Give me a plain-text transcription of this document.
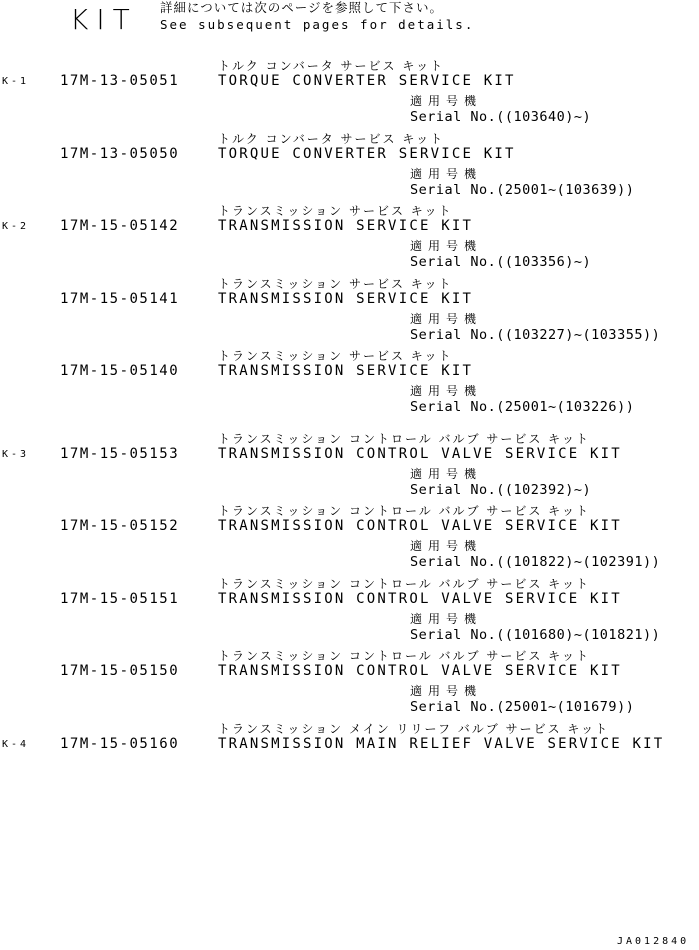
KIT 詳細については次のページを参照して下さい。
See subsequent pages for details.
K-1 17M-13-05051
トルク コンバータ サービス キット
TORQUE CONVERTER SERVICE KIT
適用号機
Serial No.((103640)~)
17M-13-05050
トルク コンバータ サービス キット
TORQUE CONVERTER SERVICE KIT
適用号機
Serial No.(25001~(103639))
K-2 17M-15-05142
トランスミッション サービス キット
TRANSMISSION SERVICE KIT
適用号機
Serial No.((103356)~)
17M-15-05141
トランスミッション サービス キット
TRANSMISSION SERVICE KIT
適用号機
Serial No.((103227)~(103355))
17M-15-05140
トランスミッション サービス キット
TRANSMISSION SERVICE KIT
適用号機
Serial No.(25001~(103226))
K-3 17M-15-05153
トランスミッション コントロール バルブ サービス キット
TRANSMISSION CONTROL VALVE SERVICE KIT
適用号機
Serial No.((102392)~)
17M-15-05152
トランスミッション コントロール バルブ サービス キット
TRANSMISSION CONTROL VALVE SERVICE KIT
適用号機
Serial No.((101822)~(102391))
17M-15-05151
トランスミッション コントロール バルブ サービス キット
TRANSMISSION CONTROL VALVE SERVICE KIT
適用号機
Serial No.((101680)~(101821))
17M-15-05150
トランスミッション コントロール バルブ サービス キット
TRANSMISSION CONTROL VALVE SERVICE KIT
適用号機
Serial No.(25001~(101679))
K-4 17M-15-05160
トランスミッション メイン リリーフ バルブ サービス キット
TRANSMISSION MAIN RELIEF VALVE SERVICE KIT
JA012840
